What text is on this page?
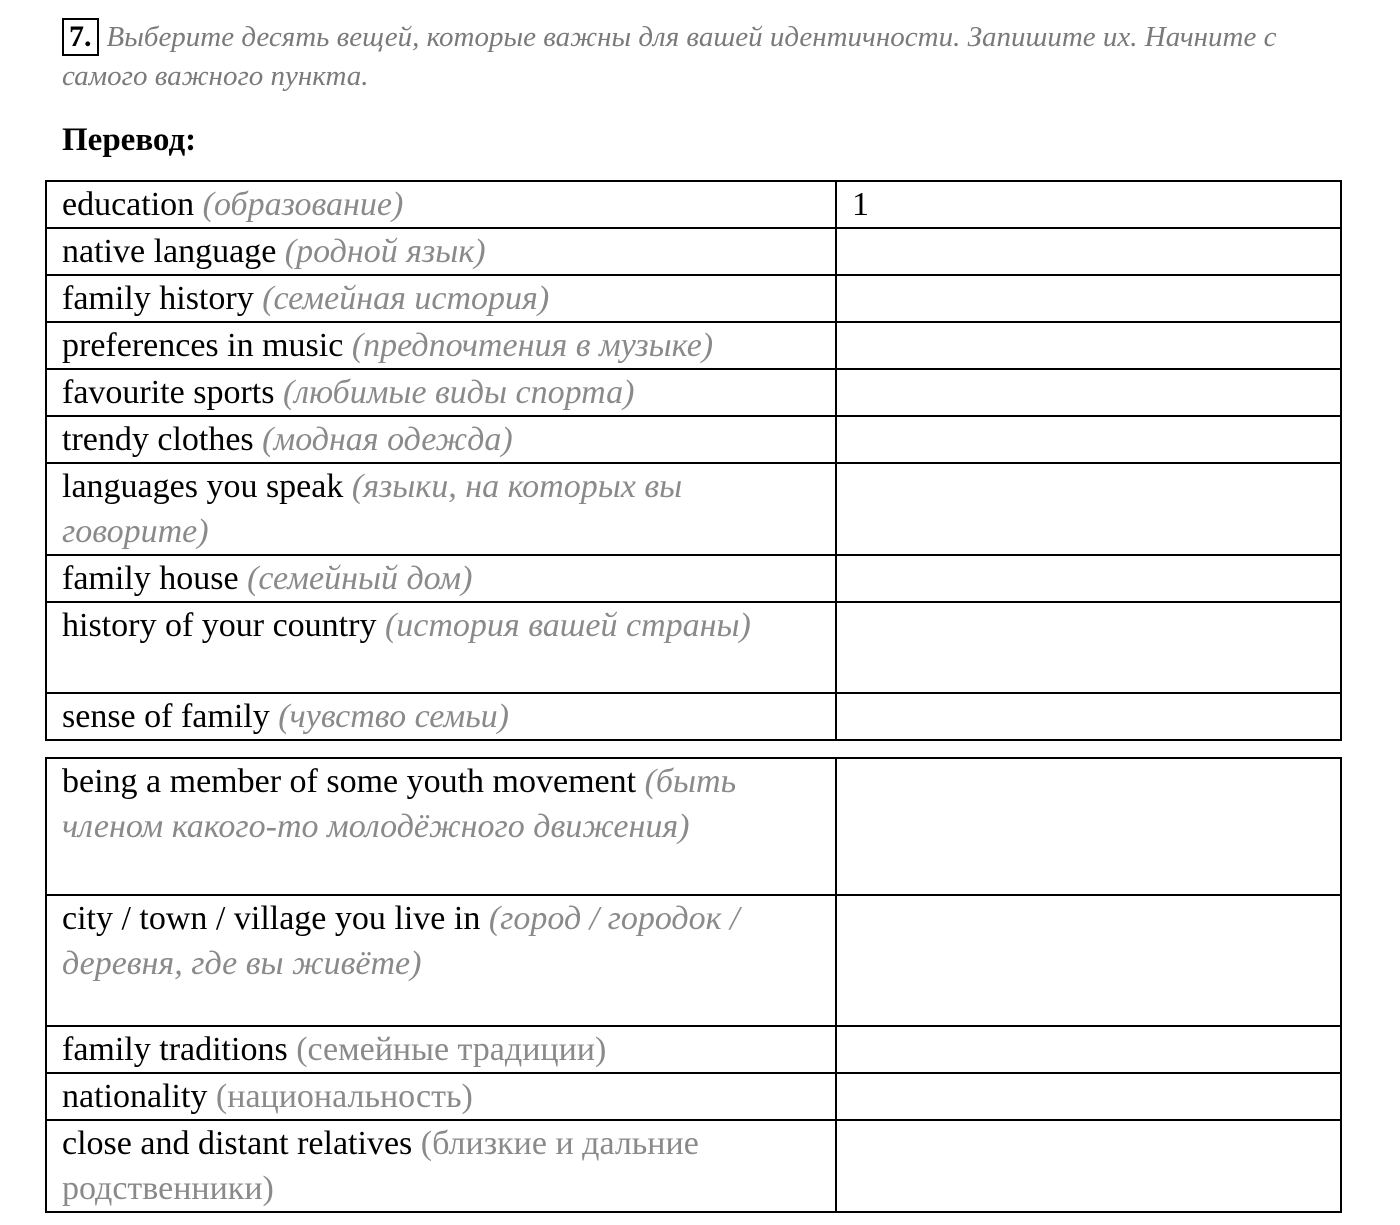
7. Выберите десять вещей, которые важны для вашей идентичности. Запишите их. Начните с самого важного пункта.
Перевод:
education (образование)	1
native language (родной язык)	
family history (семейная история)	
preferences in music (предпочтения в музыке)	
favourite sports (любимые виды спорта)	
trendy clothes (модная одежда)	
languages you speak (языки, на которых вы говорите)	
family house (семейный дом)	
history of your country (история вашей страны)	
sense of family (чувство семьи)	
being a member of some youth movement (быть членом какого-то молодёжного движения)	
city / town / village you live in (город / городок / деревня, где вы живёте)	
family traditions (семейные традиции)	
nationality (национальность)	
close and distant relatives (близкие и дальние родственники)	
